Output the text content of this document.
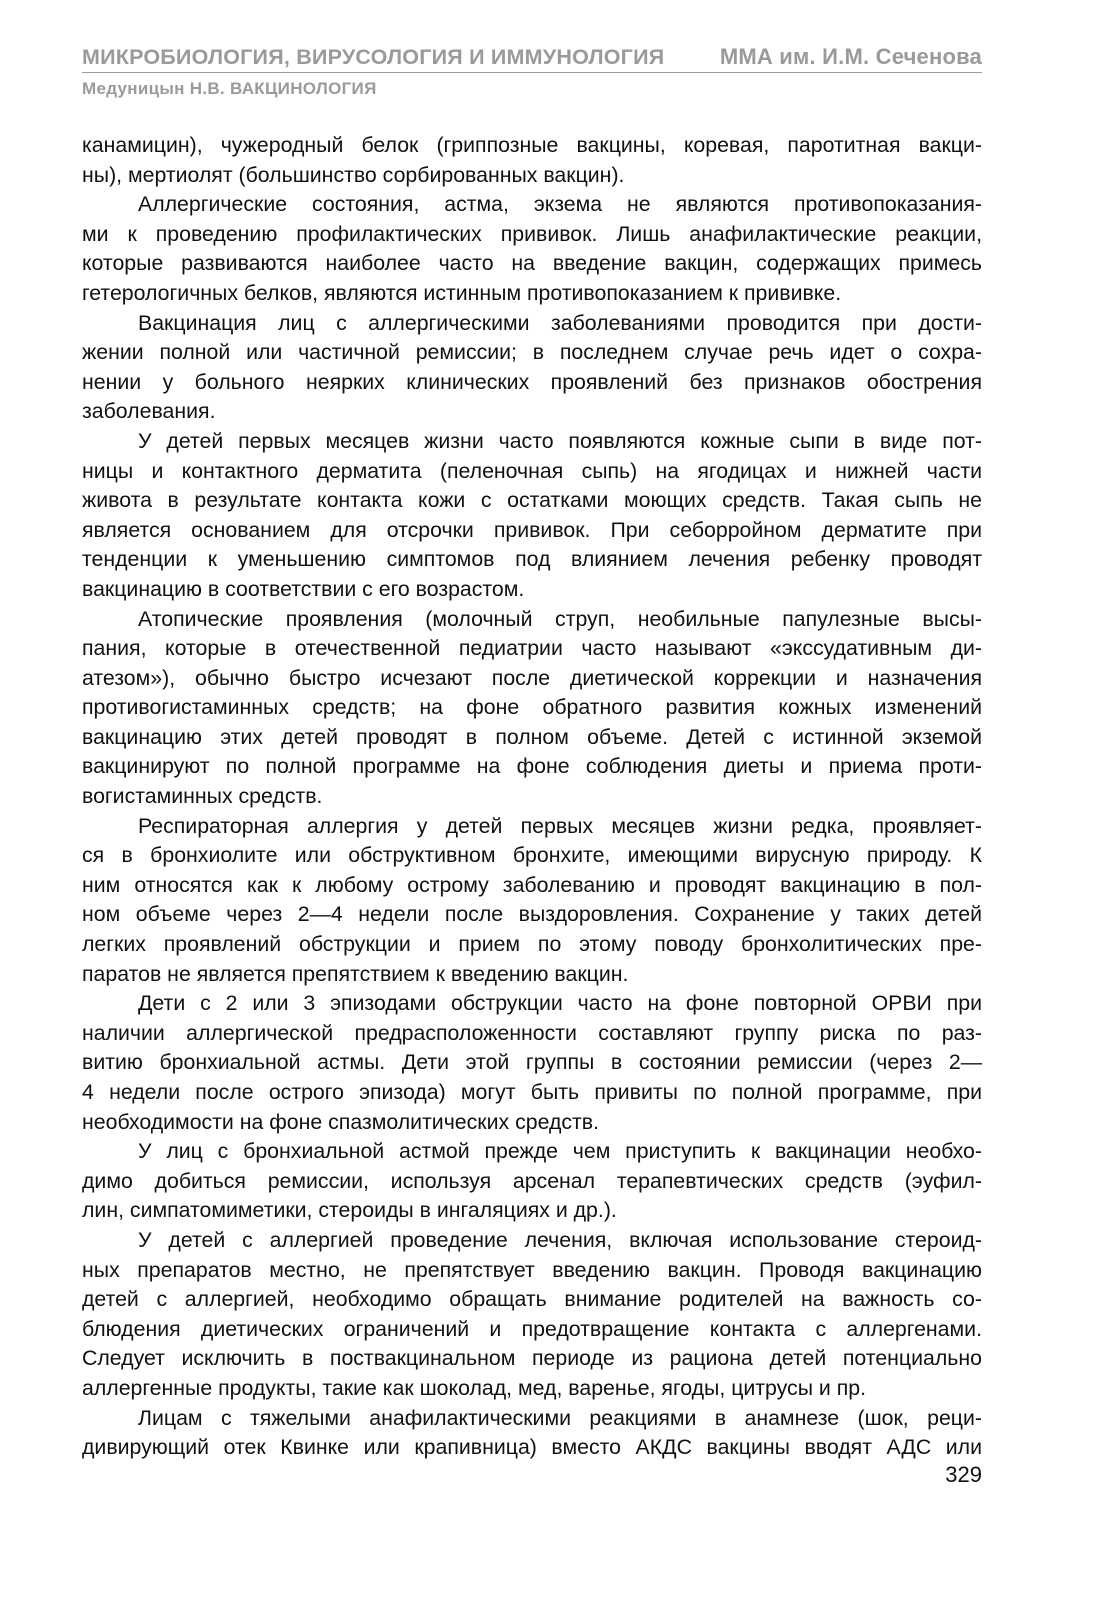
МИКРОБИОЛОГИЯ, ВИРУСОЛОГИЯ И ИММУНОЛОГИЯ	ММА им. И.М. Сеченова
Медуницын Н.В. ВАКЦИНОЛОГИЯ
канамицин), чужеродный белок (гриппозные вакцины, коревая, паротитная вакци-
ны), мертиолят (большинство сорбированных вакцин).
Аллергические состояния, астма, экзема не являются противопоказания-
ми к проведению профилактических прививок. Лишь анафилактические реакции,
которые развиваются наиболее часто на введение вакцин, содержащих примесь
гетерологичных белков, являются истинным противопоказанием к прививке.
Вакцинация лиц с аллергическими заболеваниями проводится при дости-
жении полной или частичной ремиссии; в последнем случае речь идет о сохра-
нении у больного неярких клинических проявлений без признаков обострения
заболевания.
У детей первых месяцев жизни часто появляются кожные сыпи в виде пот-
ницы и контактного дерматита (пеленочная сыпь) на ягодицах и нижней части
живота в результате контакта кожи с остатками моющих средств. Такая сыпь не
является основанием для отсрочки прививок. При себорройном дерматите при
тенденции к уменьшению симптомов под влиянием лечения ребенку проводят
вакцинацию в соответствии с его возрастом.
Атопические проявления (молочный струп, необильные папулезные высы-
пания, которые в отечественной педиатрии часто называют «экссудативным ди-
атезом»), обычно быстро исчезают после диетической коррекции и назначения
противогистаминных средств; на фоне обратного развития кожных изменений
вакцинацию этих детей проводят в полном объеме. Детей с истинной экземой
вакцинируют по полной программе на фоне соблюдения диеты и приема проти-
вогистаминных средств.
Респираторная аллергия у детей первых месяцев жизни редка, проявляет-
ся в бронхиолите или обструктивном бронхите, имеющими вирусную природу. К
ним относятся как к любому острому заболеванию и проводят вакцинацию в пол-
ном объеме через 2—4 недели после выздоровления. Сохранение у таких детей
легких проявлений обструкции и прием по этому поводу бронхолитических пре-
паратов не является препятствием к введению вакцин.
Дети с 2 или 3 эпизодами обструкции часто на фоне повторной ОРВИ при
наличии аллергической предрасположенности составляют группу риска по раз-
витию бронхиальной астмы. Дети этой группы в состоянии ремиссии (через 2—
4 недели после острого эпизода) могут быть привиты по полной программе, при
необходимости на фоне спазмолитических средств.
У лиц с бронхиальной астмой прежде чем приступить к вакцинации необхо-
димо добиться ремиссии, используя арсенал терапевтических средств (эуфил-
лин, симпатомиметики, стероиды в ингаляциях и др.).
У детей с аллергией проведение лечения, включая использование стероид-
ных препаратов местно, не препятствует введению вакцин. Проводя вакцинацию
детей с аллергией, необходимо обращать внимание родителей на важность со-
блюдения диетических ограничений и предотвращение контакта с аллергенами.
Следует исключить в поствакцинальном периоде из рациона детей потенциально
аллергенные продукты, такие как шоколад, мед, варенье, ягоды, цитрусы и пр.
Лицам с тяжелыми анафилактическими реакциями в анамнезе (шок, реци-
дивирующий отек Квинке или крапивница) вместо АКДС вакцины вводят АДС или
329
